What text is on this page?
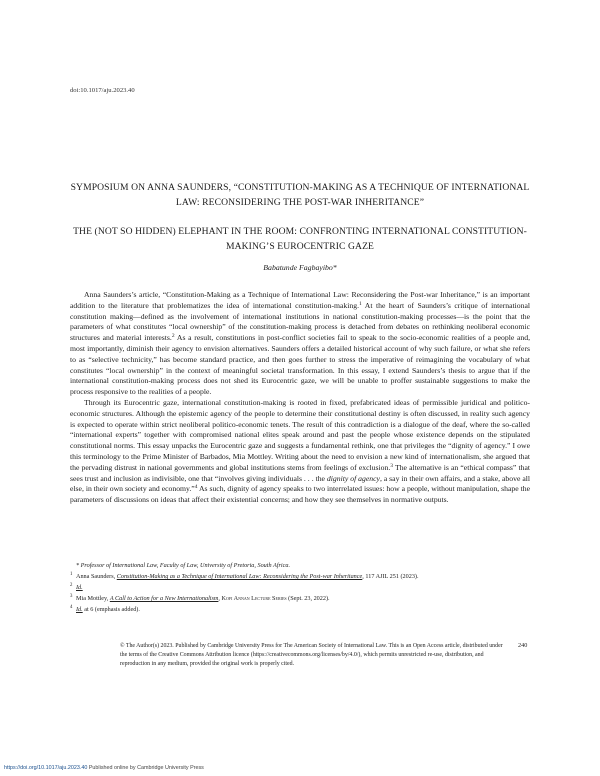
doi:10.1017/aju.2023.40
SYMPOSIUM ON ANNA SAUNDERS, “CONSTITUTION-MAKING AS A TECHNIQUE OF INTERNATIONAL LAW: RECONSIDERING THE POST-WAR INHERITANCE”
THE (NOT SO HIDDEN) ELEPHANT IN THE ROOM: CONFRONTING INTERNATIONAL CONSTITUTION-MAKING’S EUROCENTRIC GAZE
Babatunde Fagbayibo*

Anna Saunders’s article, “Constitution-Making as a Technique of International Law: Reconsidering the Post-war Inheritance,” is an important addition to the literature that problematizes the idea of international constitution-making.$^1$ At the heart of Saunders’s critique of international constitution making—defined as the involvement of international institutions in national constitution-making processes—is the point that the parameters of what constitutes “local ownership” of the constitution-making process is detached from debates on rethinking neoliberal economic structures and material interests.$^2$ As a result, constitutions in post-conflict societies fail to speak to the socio-economic realities of a people and, most importantly, diminish their agency to envision alternatives. Saunders offers a detailed historical account of why such failure, or what she refers to as “selective technicity,” has become standard practice, and then goes further to stress the imperative of reimagining the vocabulary of what constitutes “local ownership” in the context of meaningful societal transformation. In this essay, I extend Saunders’s thesis to argue that if the international constitution-making process does not shed its Eurocentric gaze, we will be unable to proffer sustainable suggestions to make the process responsive to the realities of a people.

Through its Eurocentric gaze, international constitution-making is rooted in fixed, prefabricated ideas of permissible juridical and politico-economic structures. Although the epistemic agency of the people to determine their constitutional destiny is often discussed, in reality such agency is expected to operate within strict neoliberal politico-economic tenets. The result of this contradiction is a dialogue of the deaf, where the so-called “international experts” together with compromised national elites speak around and past the people whose existence depends on the stipulated constitutional norms. This essay unpacks the Eurocentric gaze and suggests a fundamental rethink, one that privileges the “dignity of agency.” I owe this terminology to the Prime Minister of Barbados, Mia Mottley. Writing about the need to envision a new kind of internationalism, she argued that the pervading distrust in national governments and global institutions stems from feelings of exclusion.$^3$ The alternative is an “ethical compass” that sees trust and inclusion as indivisible, one that “involves giving individuals . . . the dignity of agency, a say in their own affairs, and a stake, above all else, in their own society and economy.”$^4$ As such, dignity of agency speaks to two interrelated issues: how a people, without manipulation, shape the parameters of discussions on ideas that affect their existential concerns; and how they see themselves in normative outputs.

* Professor of International Law, Faculty of Law, University of Pretoria, South Africa.
1 Anna Saunders, Constitution-Making as a Technique of International Law: Reconsidering the Post-war Inheritance, 117 AJIL 251 (2023).
2 Id.
3 Mia Mottley, A Call to Action for a New Internationalism, Kofi Annan Lecture Series (Sept. 23, 2022).
4 Id. at 6 (emphasis added).
© The Author(s) 2023. Published by Cambridge University Press for The American Society of International Law. This is an Open Access article, distributed under the terms of the Creative Commons Attribution licence (https://creativecommons.org/licenses/by/4.0/), which permits unrestricted re-use, distribution, and reproduction in any medium, provided the original work is properly cited.
240
https://doi.org/10.1017/aju.2023.40 Published online by Cambridge University Press
